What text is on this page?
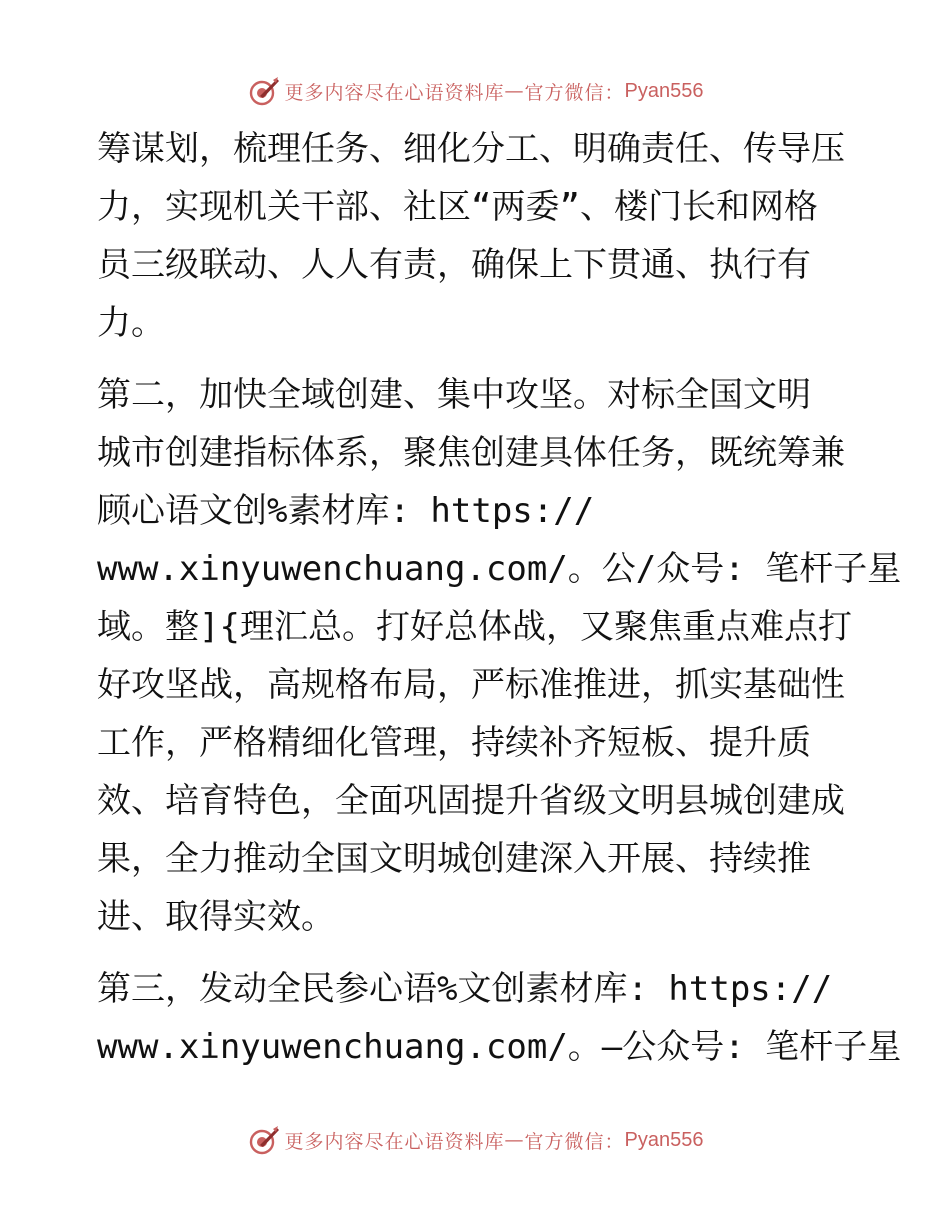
更多内容尽在心语资料库 — 官方微信： Pyan556
筹谋划，梳理任务、细化分工、明确责任、传导压
力，实现机关干部、社区“两委”、楼门长和网格
员三级联动、人人有责，确保上下贯通、执行有
力。
第二，加快全域创建、集中攻坚。对标全国文明
城市创建指标体系，聚焦创建具体任务，既统筹兼
顾心语文创%素材库: https://
www.xinyuwenchuang.com/。公/众号: 笔杆子星
域。整]{理汇总。打好总体战，又聚焦重点难点打
好攻坚战，高规格布局，严标准推进，抓实基础性
工作，严格精细化管理，持续补齐短板、提升质
效、培育特色，全面巩固提升省级文明县城创建成
果，全力推动全国文明城创建深入开展、持续推
进、取得实效。
第三，发动全民参心语%文创素材库: https://
www.xinyuwenchuang.com/。—公众号: 笔杆子星
更多内容尽在心语资料库 — 官方微信： Pyan556
